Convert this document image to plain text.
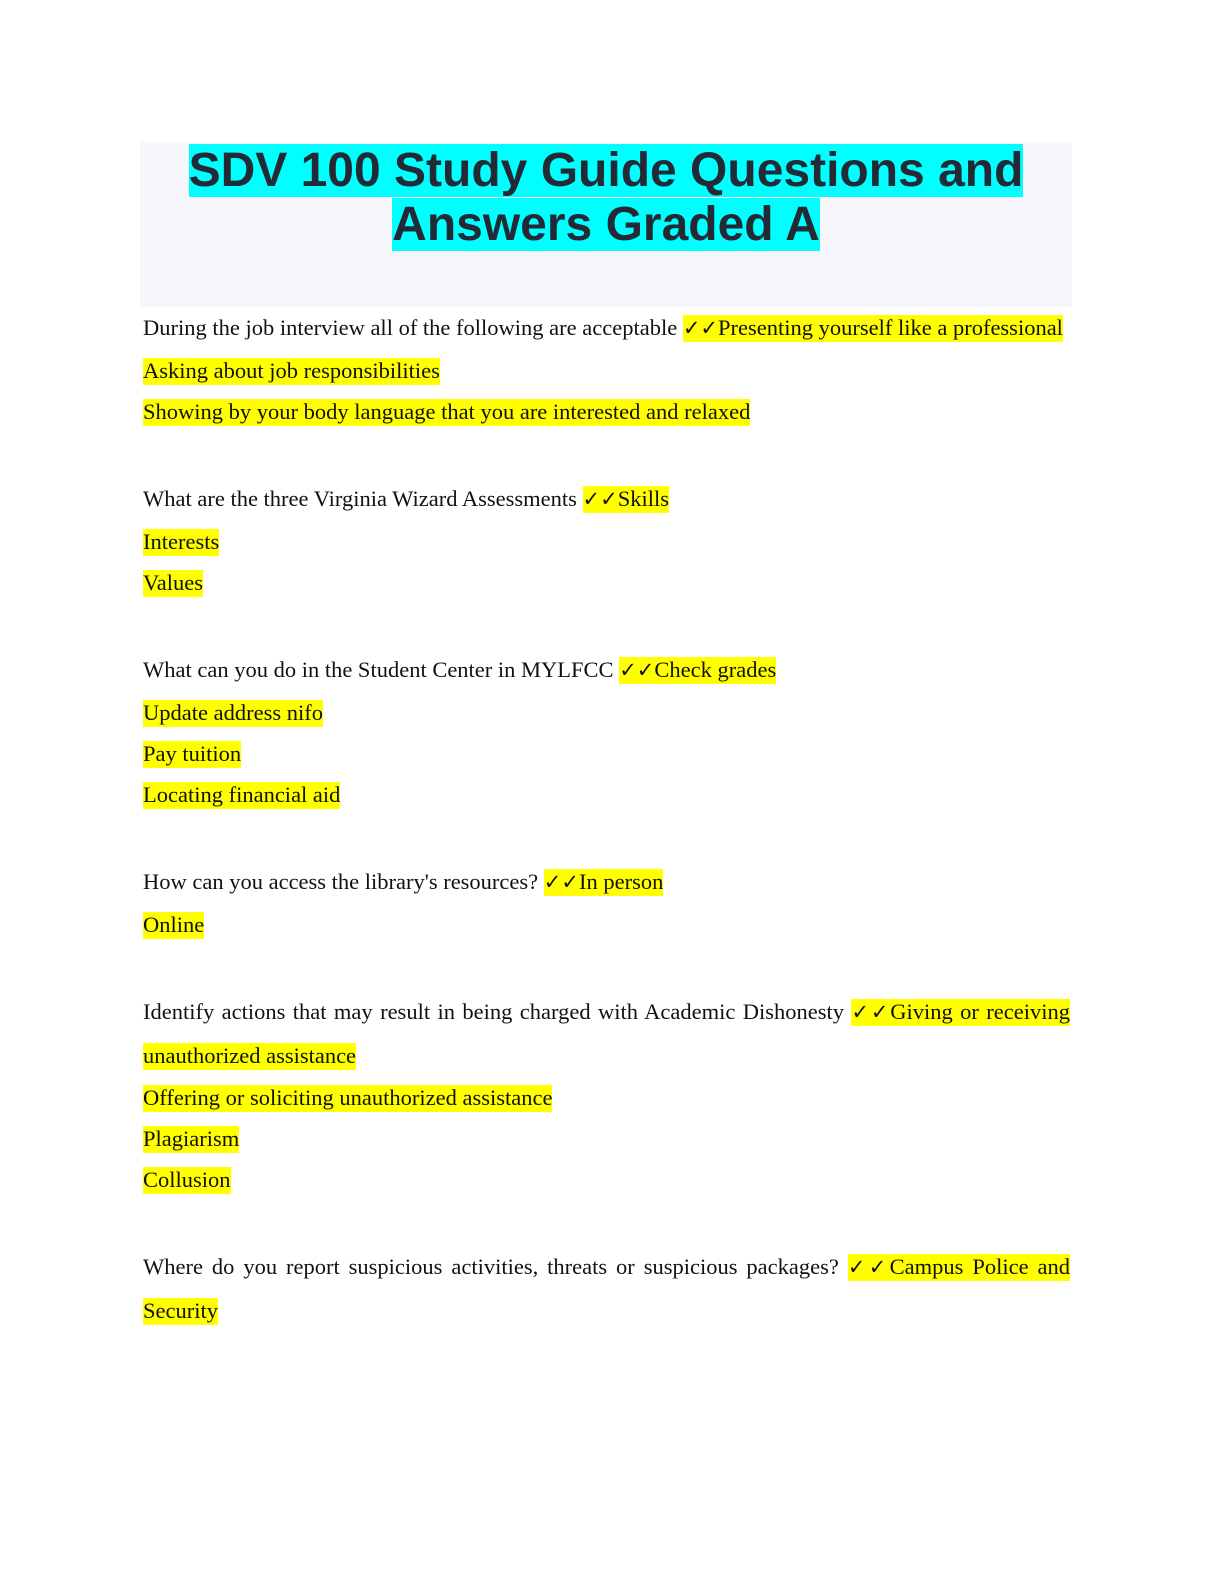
SDV 100 Study Guide Questions and Answers Graded A

During the job interview all of the following are acceptable ✓✓Presenting yourself like a professional

Asking about job responsibilities

Showing by your body language that you are interested and relaxed

What are the three Virginia Wizard Assessments ✓✓Skills

Interests

Values

What can you do in the Student Center in MYLFCC ✓✓Check grades

Update address nifo

Pay tuition

Locating financial aid

How can you access the library's resources? ✓✓In person

Online

Identify actions that may result in being charged with Academic Dishonesty ✓✓Giving or receiving unauthorized assistance

Offering or soliciting unauthorized assistance

Plagiarism

Collusion

Where do you report suspicious activities, threats or suspicious packages? ✓✓Campus Police and Security
